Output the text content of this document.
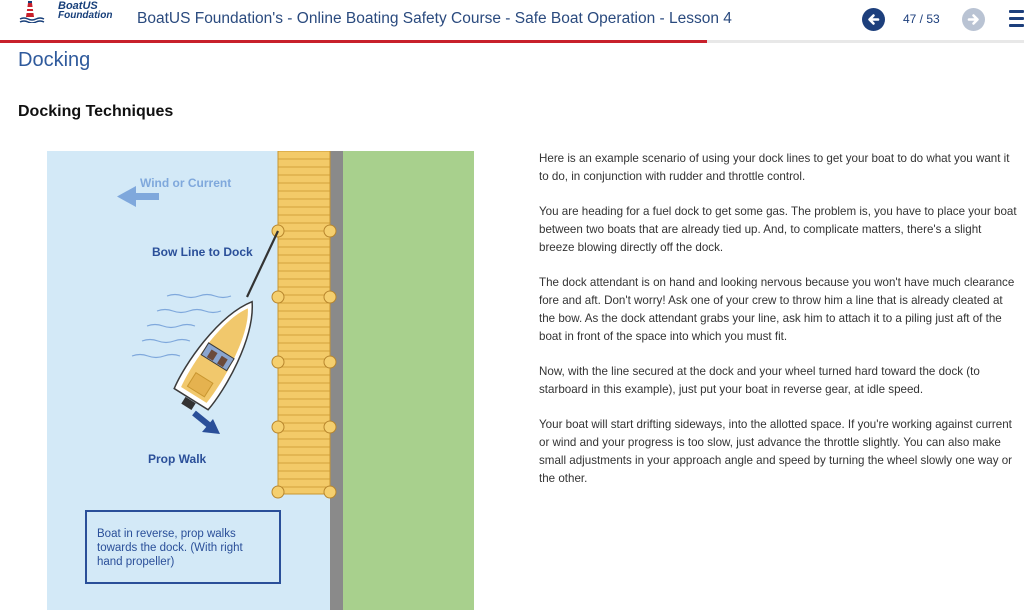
BoatUS
Foundation BoatUS Foundation's - Online Boating Safety Course - Safe Boat Operation - Lesson 4	47 / 53
Docking
Docking Techniques
Wind or Current
Bow Line to Dock
Prop Walk
Boat in reverse, prop walks towards the dock. (With right hand propeller)

Here is an example scenario of using your dock lines to get your boat to do what you want it to do, in conjunction with rudder and throttle control.

You are heading for a fuel dock to get some gas. The problem is, you have to place your boat between two boats that are already tied up. And, to complicate matters, there's a slight breeze blowing directly off the dock.

The dock attendant is on hand and looking nervous because you won't have much clearance fore and aft. Don't worry! Ask one of your crew to throw him a line that is already cleated at the bow. As the dock attendant grabs your line, ask him to attach it to a piling just aft of the boat in front of the space into which you must fit.

Now, with the line secured at the dock and your wheel turned hard toward the dock (to starboard in this example), just put your boat in reverse gear, at idle speed.

Your boat will start drifting sideways, into the allotted space. If you're working against current or wind and your progress is too slow, just advance the throttle slightly. You can also make small adjustments in your approach angle and speed by turning the wheel slowly one way or the other.
